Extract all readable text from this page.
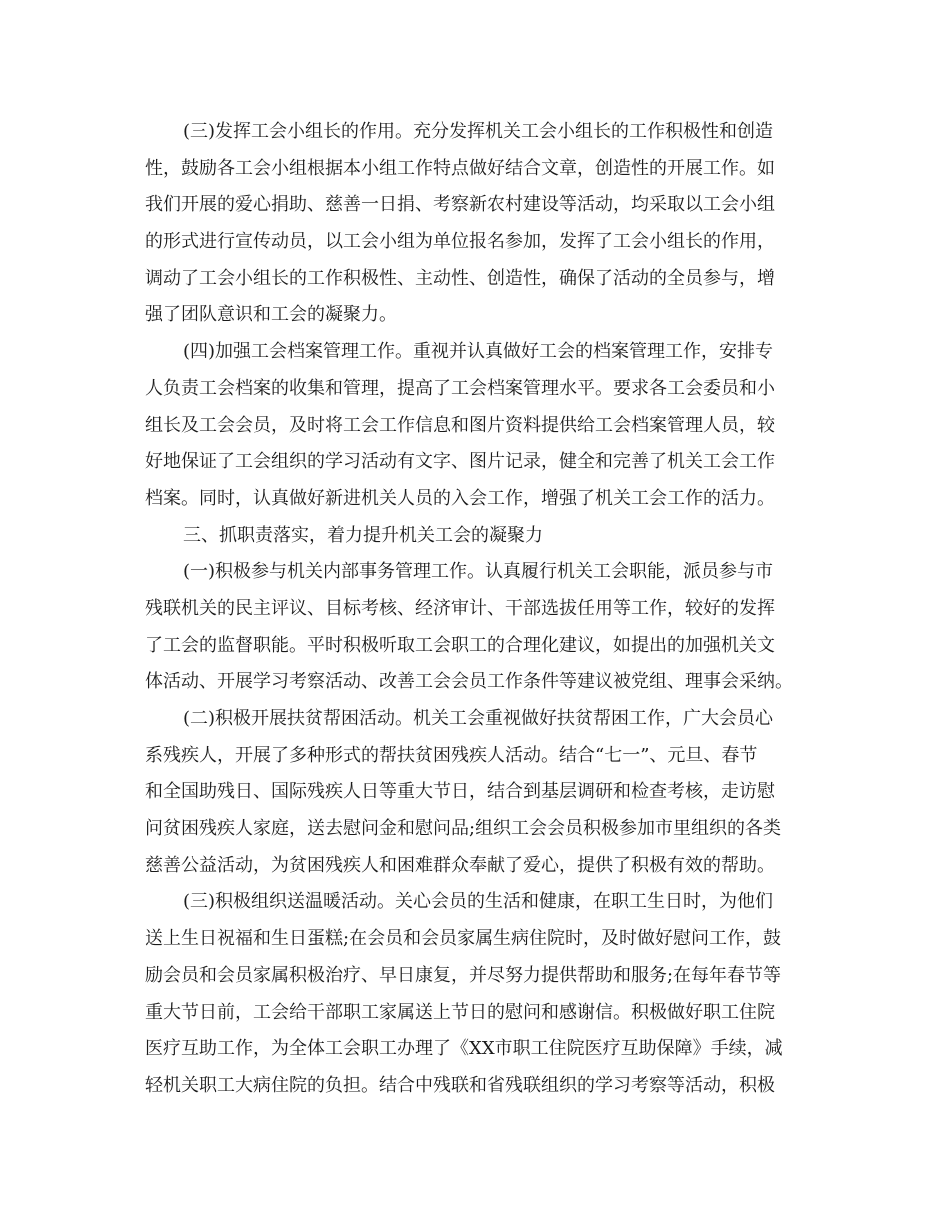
(三)发挥工会小组长的作用。充分发挥机关工会小组长的工作积极性和创造
性，鼓励各工会小组根据本小组工作特点做好结合文章，创造性的开展工作。如
我们开展的爱心捐助、慈善一日捐、考察新农村建设等活动，均采取以工会小组
的形式进行宣传动员，以工会小组为单位报名参加，发挥了工会小组长的作用，
调动了工会小组长的工作积极性、主动性、创造性，确保了活动的全员参与，增
强了团队意识和工会的凝聚力。
(四)加强工会档案管理工作。重视并认真做好工会的档案管理工作，安排专
人负责工会档案的收集和管理，提高了工会档案管理水平。要求各工会委员和小
组长及工会会员，及时将工会工作信息和图片资料提供给工会档案管理人员，较
好地保证了工会组织的学习活动有文字、图片记录，健全和完善了机关工会工作
档案。同时，认真做好新进机关人员的入会工作，增强了机关工会工作的活力。
三、抓职责落实，着力提升机关工会的凝聚力
(一)积极参与机关内部事务管理工作。认真履行机关工会职能，派员参与市
残联机关的民主评议、目标考核、经济审计、干部选拔任用等工作，较好的发挥
了工会的监督职能。平时积极听取工会职工的合理化建议，如提出的加强机关文
体活动、开展学习考察活动、改善工会会员工作条件等建议被党组、理事会采纳。
(二)积极开展扶贫帮困活动。机关工会重视做好扶贫帮困工作，广大会员心
系残疾人，开展了多种形式的帮扶贫困残疾人活动。结合“七一”、元旦、春节
和全国助残日、国际残疾人日等重大节日，结合到基层调研和检查考核，走访慰
问贫困残疾人家庭，送去慰问金和慰问品;组织工会会员积极参加市里组织的各类
慈善公益活动，为贫困残疾人和困难群众奉献了爱心，提供了积极有效的帮助。
(三)积极组织送温暖活动。关心会员的生活和健康，在职工生日时，为他们
送上生日祝福和生日蛋糕;在会员和会员家属生病住院时，及时做好慰问工作，鼓
励会员和会员家属积极治疗、早日康复，并尽努力提供帮助和服务;在每年春节等
重大节日前，工会给干部职工家属送上节日的慰问和感谢信。积极做好职工住院
医疗互助工作，为全体工会职工办理了《XX市职工住院医疗互助保障》手续，减
轻机关职工大病住院的负担。结合中残联和省残联组织的学习考察等活动，积极
